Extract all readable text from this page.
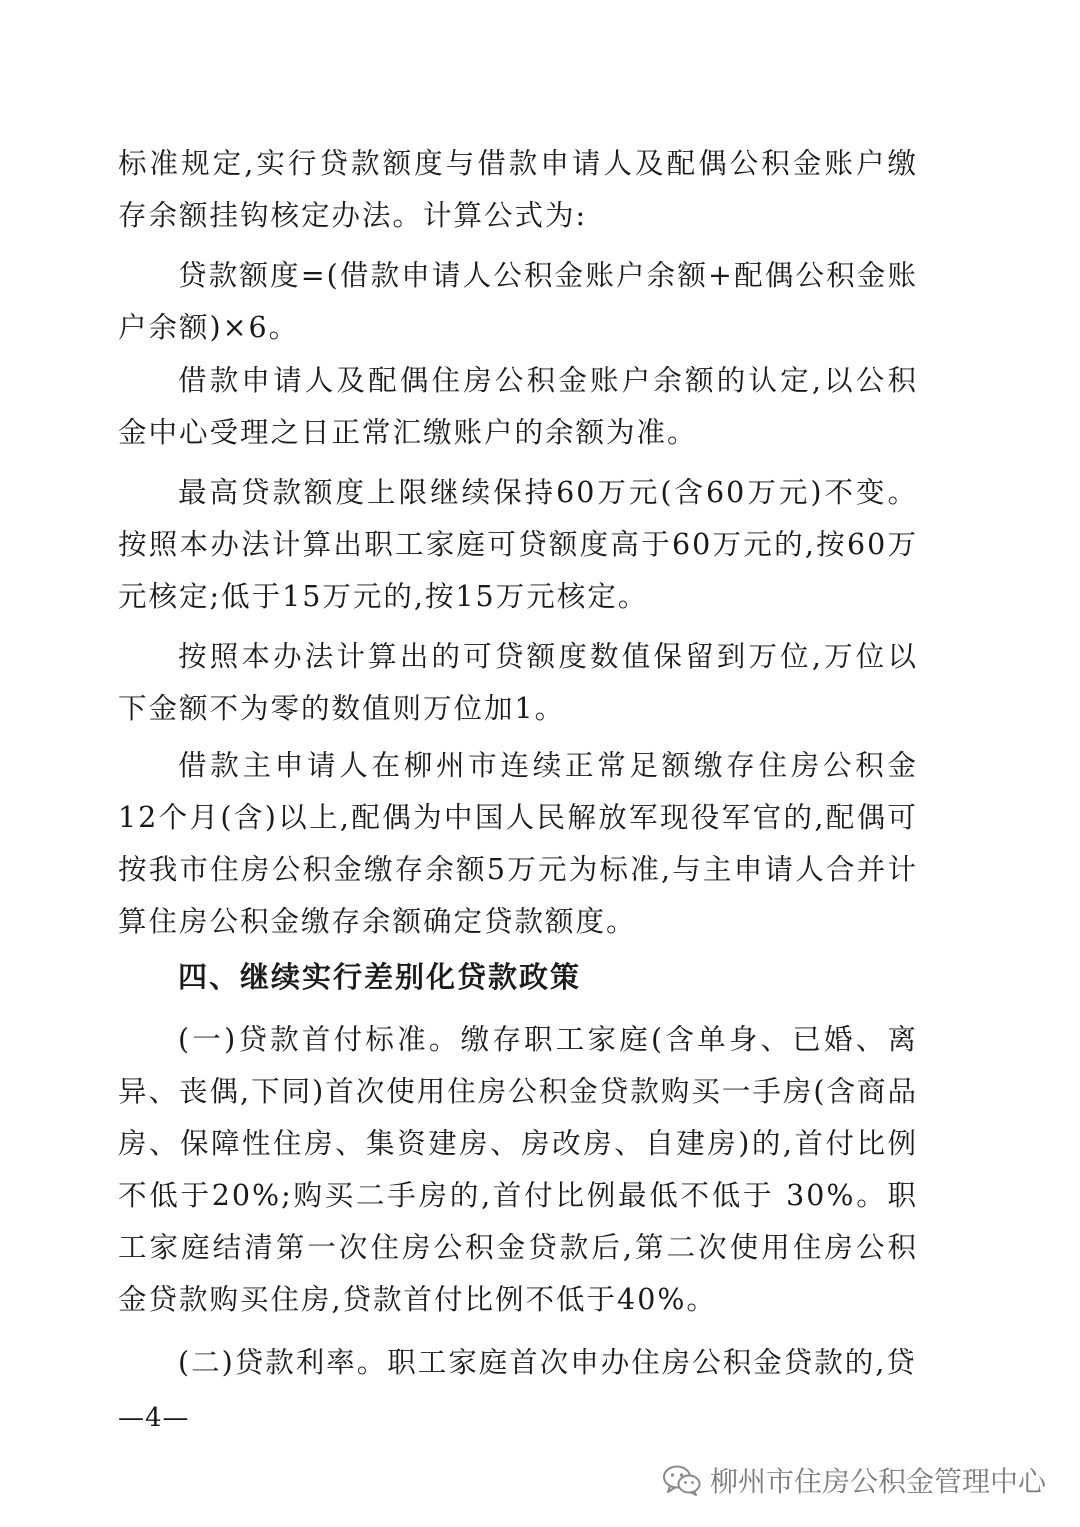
标准规定,实行贷款额度与借款申请人及配偶公积金账户缴存余额挂钩核定办法。计算公式为:

贷款额度=(借款申请人公积金账户余额+配偶公积金账户余额)×6。

借款申请人及配偶住房公积金账户余额的认定,以公积金中心受理之日正常汇缴账户的余额为准。

最高贷款额度上限继续保持60万元(含60万元)不变。按照本办法计算出职工家庭可贷额度高于60万元的,按60万元核定;低于15万元的,按15万元核定。

按照本办法计算出的可贷额度数值保留到万位,万位以下金额不为零的数值则万位加1。

借款主申请人在柳州市连续正常足额缴存住房公积金12个月(含)以上,配偶为中国人民解放军现役军官的,配偶可按我市住房公积金缴存余额5万元为标准,与主申请人合并计算住房公积金缴存余额确定贷款额度。

四、继续实行差别化贷款政策

(一)贷款首付标准。缴存职工家庭(含单身、已婚、离异、丧偶,下同)首次使用住房公积金贷款购买一手房(含商品房、保障性住房、集资建房、房改房、自建房)的,首付比例不低于20%;购买二手房的,首付比例最低不低于 30%。职工家庭结清第一次住房公积金贷款后,第二次使用住房公积金贷款购买住房,贷款首付比例不低于40%。

(二)贷款利率。职工家庭首次申办住房公积金贷款的,贷

—4—
柳州市住房公积金管理中心
